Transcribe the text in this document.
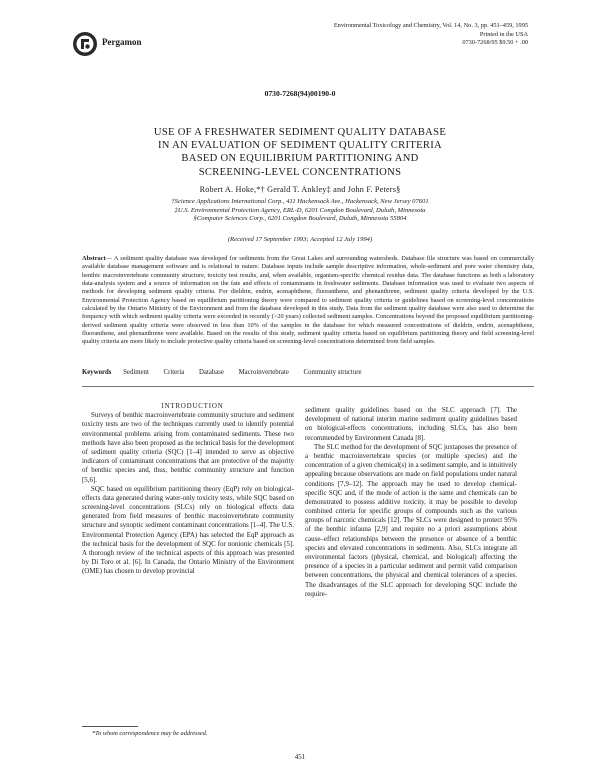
Pergamon
Environmental Toxicology and Chemistry, Vol. 14, No. 3, pp. 451–459, 1995
Printed in the USA
0730-7268/95 $9.50 + .00
0730-7268(94)00190-0
USE OF A FRESHWATER SEDIMENT QUALITY DATABASE
IN AN EVALUATION OF SEDIMENT QUALITY CRITERIA
BASED ON EQUILIBRIUM PARTITIONING AND
SCREENING-LEVEL CONCENTRATIONS
Robert A. Hoke,*† Gerald T. Ankley‡ and John F. Peters§
†Science Applications International Corp., 411 Hackensack Ave., Hackensack, New Jersey 07601
‡U.S. Environmental Protection Agency, ERL-D, 6201 Congdon Boulevard, Duluth, Minnesota
§Computer Sciences Corp., 6201 Congdon Boulevard, Duluth, Minnesota 55804
(Received 17 September 1993; Accepted 12 July 1994)
Abstract— A sediment quality database was developed for sediments from the Great Lakes and surrounding watersheds. Database file structure was based on commercially available database management software and is relational in nature. Database inputs include sample descriptive information, whole-sediment and pore water chemistry data, benthic macroinvertebrate community structure, toxicity test results, and, when available, organism-specific chemical residue data. The database functions as both a laboratory data-analysis system and a source of information on the fate and effects of contaminants in freshwater sediments. Database information was used to evaluate two aspects of methods for developing sediment quality criteria. For dieldrin, endrin, acenaphthene, fluoranthene, and phenanthrene, sediment quality criteria developed by the U.S. Environmental Protection Agency based on equilibrium partitioning theory were compared to sediment quality criteria or guidelines based on screening-level concentrations calculated by the Ontario Ministry of the Environment and from the database developed in this study. Data from the sediment quality database were also used to determine the frequency with which sediment quality criteria were exceeded in recently (>20 years) collected sediment samples. Concentrations beyond the proposed equilibrium partitioning-derived sediment quality criteria were observed in less than 10% of the samples in the database for which measured concentrations of dieldrin, endrin, acenaphthene, fluoranthene, and phenanthrene were available. Based on the results of this study, sediment quality criteria based on equilibrium partitioning theory and field screening-level quality criteria are more likely to include protective quality criteria based on screening-level concentrations determined from field samples.
Keywords Sediment Criteria Database Macroinvertebrate Community structure

INTRODUCTION

Surveys of benthic macroinvertebrate community structure and sediment toxicity tests are two of the techniques currently used to identify potential environmental problems arising from contaminated sediments. These two methods have also been proposed as the technical basis for the development of sediment quality criteria (SQC) [1–4] intended to serve as objective indicators of contaminant concentrations that are protective of the majority of benthic species and, thus, benthic community structure and function [5,6].

SQC based on equilibrium partitioning theory (EqP) rely on biological-effects data generated during water-only toxicity tests, while SQC based on screening-level concentrations (SLCs) rely on biological effects data generated from field measures of benthic macroinvertebrate community structure and synoptic sediment contaminant concentrations [1–4]. The U.S. Environmental Protection Agency (EPA) has selected the EqP approach as the technical basis for the development of SQC for nonionic chemicals [5]. A thorough review of the technical aspects of this approach was presented by Di Toro et al. [6]. In Canada, the Ontario Ministry of the Environment (OME) has chosen to develop provincial

sediment quality guidelines based on the SLC approach [7]. The development of national interim marine sediment quality guidelines based on biological-effects concentrations, including SLCs, has also been recommended by Environment Canada [8].

The SLC method for the development of SQC juxtaposes the presence of a benthic macroinvertebrate species (or multiple species) and the concentration of a given chemical(s) in a sediment sample, and is intuitively appealing because observations are made on field populations under natural conditions [7,9–12]. The approach may be used to develop chemical-specific SQC and, if the mode of action is the same and chemicals can be demonstrated to possess additive toxicity, it may be possible to develop combined criteria for specific groups of compounds such as the various groups of narcotic chemicals [12]. The SLCs were designed to protect 95% of the benthic infauna [2,9] and require no a priori assumptions about cause–effect relationships between the presence or absence of a benthic species and elevated concentrations in sediments. Also, SLCs integrate all environmental factors (physical, chemical, and biological) affecting the presence of a species in a particular sediment and permit valid comparison between concentrations, the physical and chemical tolerances of a species. The disadvantages of the SLC approach for developing SQC include the require-

*To whom correspondence may be addressed.
451
